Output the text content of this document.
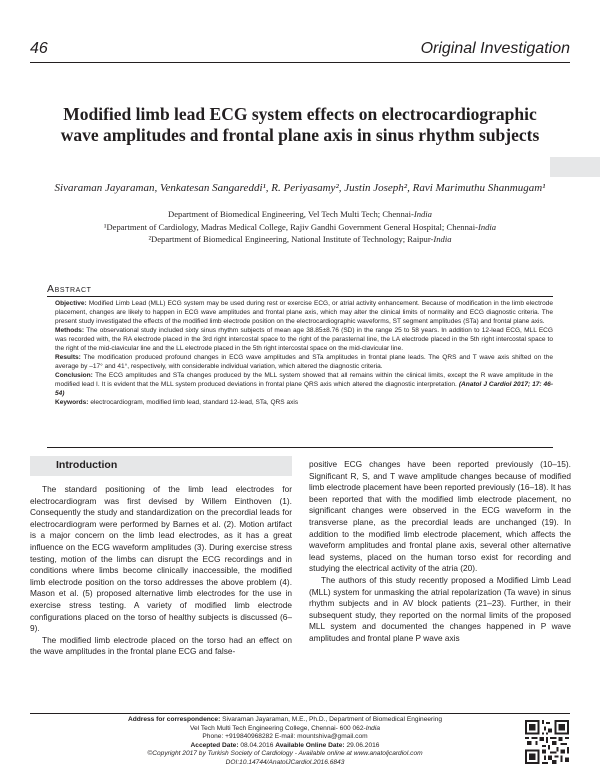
46	Original Investigation
Modified limb lead ECG system effects on electrocardiographic wave amplitudes and frontal plane axis in sinus rhythm subjects
Sivaraman Jayaraman, Venkatesan Sangareddi¹, R. Periyasamy², Justin Joseph², Ravi Marimuthu Shanmugam¹
Department of Biomedical Engineering, Vel Tech Multi Tech; Chennai-India
¹Department of Cardiology, Madras Medical College, Rajiv Gandhi Government General Hospital; Chennai-India
²Department of Biomedical Engineering, National Institute of Technology; Raipur-India
Abstract

Objective: Modified Limb Lead (MLL) ECG system may be used during rest or exercise ECG, or atrial activity enhancement. Because of modification in the limb electrode placement, changes are likely to happen in ECG wave amplitudes and frontal plane axis, which may alter the clinical limits of normality and ECG diagnostic criteria. The present study investigated the effects of the modified limb electrode position on the electrocardiographic waveforms, ST segment amplitudes (STa) and frontal plane axis.

Methods: The observational study included sixty sinus rhythm subjects of mean age 38.85±8.76 (SD) in the range 25 to 58 years. In addition to 12-lead ECG, MLL ECG was recorded with, the RA electrode placed in the 3rd right intercostal space to the right of the parasternal line, the LA electrode placed in the 5th right intercostal space to the right of the mid-clavicular line and the LL electrode placed in the 5th right intercostal space on the mid-clavicular line.

Results: The modification produced profound changes in ECG wave amplitudes and STa amplitudes in frontal plane leads. The QRS and T wave axis shifted on the average by –17° and 41°, respectively, with considerable individual variation, which altered the diagnostic criteria.

Conclusion: The ECG amplitudes and STa changes produced by the MLL system showed that all remains within the clinical limits, except the R wave amplitude in the modified lead I. It is evident that the MLL system produced deviations in frontal plane QRS axis which altered the diagnostic interpretation. (Anatol J Cardiol 2017; 17: 46-54)

Keywords: electrocardiogram, modified limb lead, standard 12-lead, STa, QRS axis

Introduction

The standard positioning of the limb lead electrodes for electrocardiogram was first devised by Willem Einthoven (1). Consequently the study and standardization on the precordial leads for electrocardiogram were performed by Barnes et al. (2). Motion artifact is a major concern on the limb lead electrodes, as it has a great influence on the ECG waveform amplitudes (3). During exercise stress testing, motion of the limbs can disrupt the ECG recordings and in conditions where limbs become clinically inaccessible, the modified limb electrode position on the torso addresses the above problem (4). Mason et al. (5) proposed alternative limb electrodes for the use in exercise stress testing. A variety of modified limb electrode configurations placed on the torso of healthy subjects is discussed (6–9).

The modified limb electrode placed on the torso had an effect on the wave amplitudes in the frontal plane ECG and false-

positive ECG changes have been reported previously (10–15). Significant R, S, and T wave amplitude changes because of modified limb electrode placement have been reported previously (16–18). It has been reported that with the modified limb electrode placement, no significant changes were observed in the ECG waveform in the transverse plane, as the precordial leads are unchanged (19). In addition to the modified limb electrode placement, which affects the waveform amplitudes and frontal plane axis, several other alternative lead systems, placed on the human torso exist for recording and studying the electrical activity of the atria (20).

The authors of this study recently proposed a Modified Limb Lead (MLL) system for unmasking the atrial repolarization (Ta wave) in sinus rhythm subjects and in AV block patients (21–23). Further, in their subsequent study, they reported on the normal limits of the proposed MLL system and documented the changes happened in P wave amplitudes and frontal plane P wave axis

Address for correspondence: Sivaraman Jayaraman, M.E., Ph.D., Department of Biomedical Engineering
Vel Tech Multi Tech Engineering College, Chennai- 600 062-India
Phone: +919840968282 E-mail: mountshiva@gmail.com
Accepted Date: 08.04.2016 Available Online Date: 29.06.2016
©Copyright 2017 by Turkish Society of Cardiology - Available online at www.anatoljcardiol.com
DOI:10.14744/AnatolJCardiol.2016.6843
